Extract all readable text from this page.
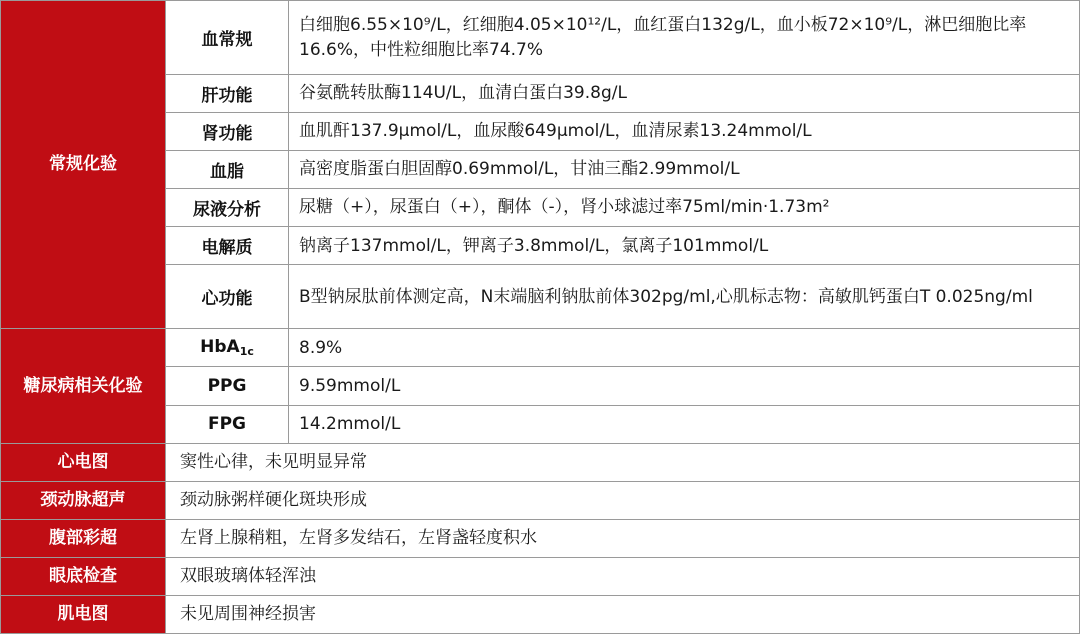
常规化验	血常规	白细胞6.55×10⁹/L，红细胞4.05×10¹²/L，血红蛋白132g/L，血小板72×10⁹/L，淋巴细胞比率16.6%，中性粒细胞比率74.7%
	肝功能	谷氨酰转肽酶114U/L，血清白蛋白39.8g/L
	肾功能	血肌酐137.9μmol/L，血尿酸649μmol/L，血清尿素13.24mmol/L
	血脂	高密度脂蛋白胆固醇0.69mmol/L，甘油三酯2.99mmol/L
	尿液分析	尿糖（+），尿蛋白（+），酮体（-），肾小球滤过率75ml/min·1.73m²
	电解质	钠离子137mmol/L，钾离子3.8mmol/L，氯离子101mmol/L
	心功能	B型钠尿肽前体测定高，N末端脑利钠肽前体302pg/ml,心肌标志物：高敏肌钙蛋白T 0.025ng/ml
糖尿病相关化验	HbA$_{1c}$	8.9%
	PPG	9.59mmol/L
	FPG	14.2mmol/L
心电图	窦性心律，未见明显异常	
颈动脉超声	颈动脉粥样硬化斑块形成	
腹部彩超	左肾上腺稍粗，左肾多发结石，左肾盏轻度积水	
眼底检查	双眼玻璃体轻浑浊	
肌电图	未见周围神经损害	
